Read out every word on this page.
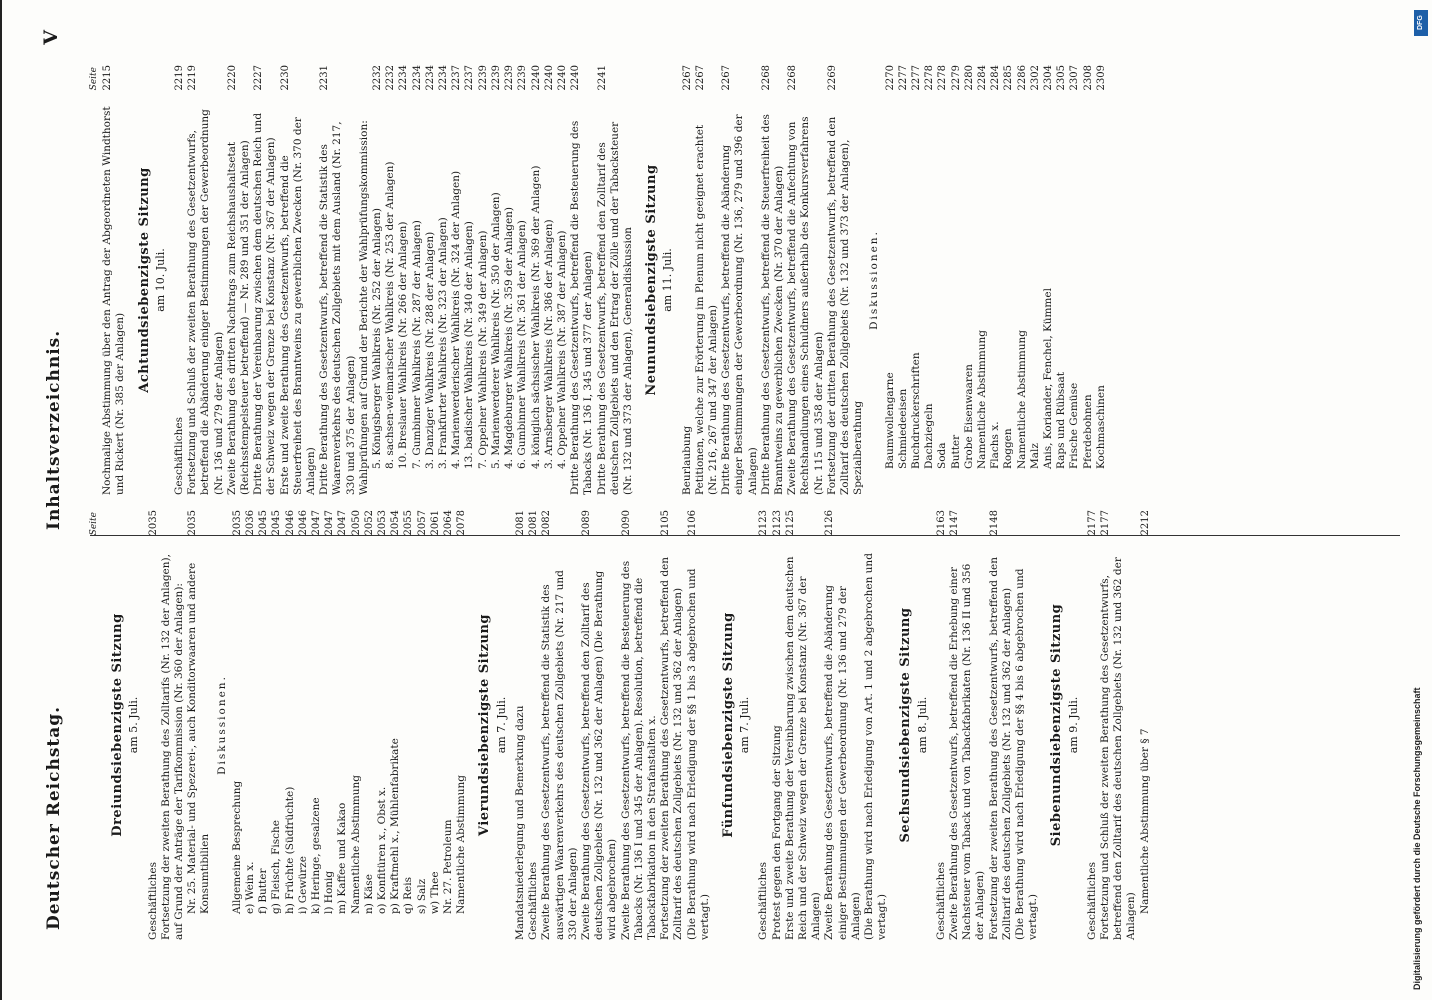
Deutscher Reichstag.
Inhaltsverzeichnis.
V
Seite
Dreiundsiebenzigste Sitzung am 5. Juli.
Geschäftliches
2035
Fortsetzung der zweiten Berathung des Zolltarifs (Nr. 132 der Anlagen), auf Grund der Anträge der Tarifkommission (Nr. 360 der Anlagen): Nr. 25. Material- und Spezerei-, auch Konditorwaaren und andere Konsumtibilien
2035
Diskussionen.
Allgemeine Besprechung
2035
e) Wein x.
2036
f) Butter
2045
g) Fleisch, Fische
2045
h) Früchte (Südfrüchte)
2046
i) Gewürze
2046
k) Heringe, gesalzene
2047
l) Honig
2047
m) Kaffee und Kakao
2047
Namentliche Abstimmung
2050
n) Käse
2052
o) Konfitüren x., Obst x.
2053
p) Kraftmehl x., Mühlenfabrikate
2054
q) Reis
2055
s) Salz
2057
w) Thee
2061
Nr. 27. Petroleum
2064
Namentliche Abstimmung
2078
Vierundsiebenzigste Sitzung am 7. Juli. Mandatsniederlegung und Bemerkung dazu
2081
Geschäftliches
2081
Zweite Berathung des Gesetzentwurfs, betreffend die Statistik des auswärtigen Waarenverkehrs des deutschen Zollgebiets (Nr. 217 und 330 der Anlagen)
2082
Zweite Berathung des Gesetzentwurfs, betreffend den Zolltarif des deutschen Zollgebiets (Nr. 132 und 362 der Anlagen) (Die Berathung wird abgebrochen)
2089
Zweite Berathung des Gesetzentwurfs, betreffend die Besteuerung des Tabacks (Nr. 136 I und 345 der Anlagen). Resolution, betreffend die Tabackfabrikation in den Strafanstalten x.
2090
Fortsetzung der zweiten Berathung des Gesetzentwurfs, betreffend den Zolltarif des deutschen Zollgebiets (Nr. 132 und 362 der Anlagen)
2105
(Die Berathung wird nach Erledigung der §§ 1 bis 3 abgebrochen und vertagt.)
2106
Fünfundsiebenzigste Sitzung am 7. Juli.
Geschäftliches
2123
Protest gegen den Fortgang der Sitzung
2123
Erste und zweite Berathung der Vereinbarung zwischen dem deutschen Reich und der Schweiz wegen der Grenze bei Konstanz (Nr. 367 der Anlagen)
2125
Zweite Berathung des Gesetzentwurfs, betreffend die Abänderung einiger Bestimmungen der Gewerbeordnung (Nr. 136 und 279 der Anlagen)
2126
(Die Berathung wird nach Erledigung von Art. 1 und 2 abgebrochen und vertagt.)
Sechsundsiebenzigste Sitzung am 8. Juli.
Geschäftliches
2163
Zweite Berathung des Gesetzentwurfs, betreffend die Erhebung einer Nachsteuer vom Taback und von Tabackfabrikaten (Nr. 136 II und 356 der Anlagen)
2147
Fortsetzung der zweiten Berathung des Gesetzentwurfs, betreffend den Zolltarif des deutschen Zollgebiets (Nr. 132 und 362 der Anlagen)
2148
(Die Berathung wird nach Erledigung der §§ 4 bis 6 abgebrochen und vertagt.)
Siebenundsiebenzigste Sitzung am 9. Juli.
Geschäftliches
2177
Fortsetzung und Schluß der zweiten Berathung des Gesetzentwurfs, betreffend den Zolltarif des deutschen Zollgebiets (Nr. 132 und 362 der Anlagen)
2177
Namentliche Abstimmung über § 7
2212
Seite
Nochmalige Abstimmung über den Antrag der Abgeordneten Windthorst und Rickert (Nr. 385 der Anlagen)
2215
Achtundsiebenzigste Sitzung am 10. Juli.
Geschäftliches
2219
Fortsetzung und Schluß der zweiten Berathung des Gesetzentwurfs, betreffend die Abänderung einiger Bestimmungen der Gewerbeordnung (Nr. 136 und 279 der Anlagen)
2219
Zweite Berathung des dritten Nachtrags zum Reichshaushaltsetat (Reichsstempelsteuer betreffend) — Nr. 289 und 351 der Anlagen)
2220
Dritte Berathung der Vereinbarung zwischen dem deutschen Reich und der Schweiz wegen der Grenze bei Konstanz (Nr. 367 der Anlagen)
2227
Erste und zweite Berathung des Gesetzentwurfs, betreffend die Steuerfreiheit des Branntweins zu gewerblichen Zwecken (Nr. 370 der Anlagen)
2230
Dritte Berathung des Gesetzentwurfs, betreffend die Statistik des Waarenverkehrs des deutschen Zollgebiets mit dem Ausland (Nr. 217, 330 und 375 der Anlagen)
2231
Wahlprüfungen auf Grund der Berichte der Wahlprüfungskommission: 5. Königsberger Wahlkreis (Nr. 252 der Anlagen)
2232
8. sachsen-weimarischer Wahlkreis (Nr. 253 der Anlagen)
2232
10. Breslauer Wahlkreis (Nr. 266 der Anlagen)
2234
7. Gumbinner Wahlkreis (Nr. 287 der Anlagen)
2234
3. Danziger Wahlkreis (Nr. 288 der Anlagen)
2234
3. Frankfurter Wahlkreis (Nr. 323 der Anlagen)
2234
4. Marienwerderischer Wahlkreis (Nr. 324 der Anlagen)
2237
13. badischer Wahlkreis (Nr. 340 der Anlagen)
2237
7. Oppelner Wahlkreis (Nr. 349 der Anlagen)
2239
5. Marienwerderer Wahlkreis (Nr. 350 der Anlagen)
2239
4. Magdeburger Wahlkreis (Nr. 359 der Anlagen)
2239
6. Gumbinner Wahlkreis (Nr. 361 der Anlagen)
2239
4. königlich sächsischer Wahlkreis (Nr. 369 der Anlagen)
2240
3. Arnsberger Wahlkreis (Nr. 386 der Anlagen)
2240
4. Oppelner Wahlkreis (Nr. 387 der Anlagen)
2240
Dritte Berathung des Gesetzentwurfs, betreffend die Besteuerung des Tabacks (Nr. 136 I, 345 und 377 der Anlagen)
2240
Dritte Berathung des Gesetzentwurfs, betreffend den Zolltarif des deutschen Zollgebiets und den Ertrag der Zölle und der Tabacksteuer (Nr. 132 und 373 der Anlagen), Generaldiskussion
2241
Neunundsiebenzigste Sitzung am 11. Juli.
Beurlaubung
2267
Petitionen, welche zur Erörterung im Plenum nicht geeignet erachtet (Nr. 216, 267 und 347 der Anlagen)
2267
Dritte Berathung des Gesetzentwurfs, betreffend die Abänderung einiger Bestimmungen der Gewerbeordnung (Nr. 136, 279 und 396 der Anlagen)
2267
Dritte Berathung des Gesetzentwurfs, betreffend die Steuerfreiheit des Branntweins zu gewerblichen Zwecken (Nr. 370 der Anlagen)
2268
Zweite Berathung des Gesetzentwurfs, betreffend die Anfechtung von Rechtshandlungen eines Schuldners außerhalb des Konkursverfahrens (Nr. 115 und 358 der Anlagen)
2268
Fortsetzung der dritten Berathung des Gesetzentwurfs, betreffend den Zolltarif des deutschen Zollgebiets (Nr. 132 und 373 der Anlagen), Spezialberathung
2269
Diskussionen.
Baumwollengarne
2270
Schmiedeeisen
2277
Buchdruckerschriften
2277
Dachziegeln
2278
Soda
2278
Butter
2279
Grobe Eisenwaaren
2280
Namentliche Abstimmung
2284
Flachs x.
2284
Roggen
2285
Namentliche Abstimmung
2286
Malz
2302
Anis, Koriander, Fenchel, Kümmel
2304
Raps und Rübsaat
2305
Frische Gemüse
2307
Pferdebohnen
2308
Kochmaschinen
2309
DFG
Digitalisierung gefördert durch die Deutsche Forschungsgemeinschaft
